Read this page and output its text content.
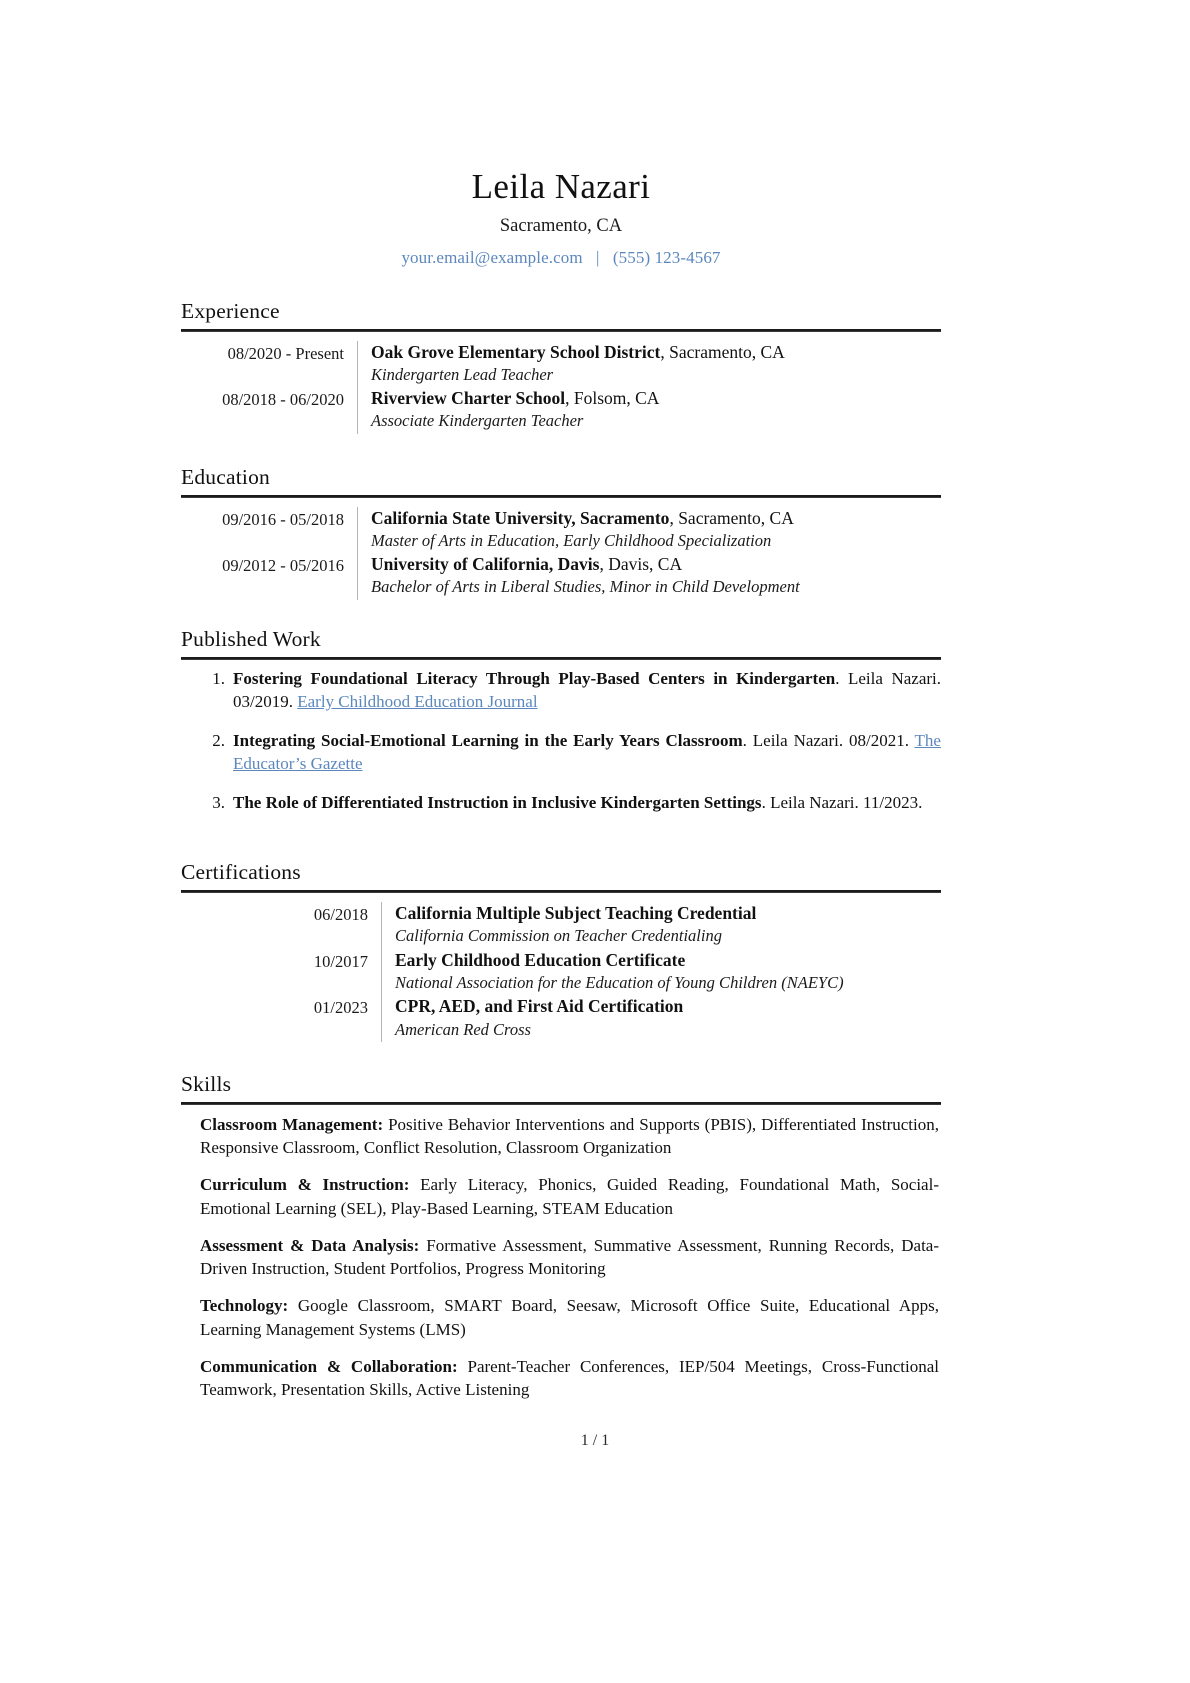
Leila Nazari
Sacramento, CA
your.email@example.com | (555) 123-4567
Experience
08/2020 - Present	Oak Grove Elementary School District, Sacramento, CA
Kindergarten Lead Teacher
08/2018 - 06/2020	Riverview Charter School, Folsom, CA
Associate Kindergarten Teacher
Education
09/2016 - 05/2018	California State University, Sacramento, Sacramento, CA
Master of Arts in Education, Early Childhood Specialization
09/2012 - 05/2016	University of California, Davis, Davis, CA
Bachelor of Arts in Liberal Studies, Minor in Child Development
Published Work
1. Fostering Foundational Literacy Through Play-Based Centers in Kindergarten. Leila Nazari. 03/2019. Early Childhood Education Journal
2. Integrating Social-Emotional Learning in the Early Years Classroom. Leila Nazari. 08/2021. The Educator’s Gazette
3. The Role of Differentiated Instruction in Inclusive Kindergarten Settings. Leila Nazari. 11/2023.
Certifications
06/2018	California Multiple Subject Teaching Credential
California Commission on Teacher Credentialing
10/2017	Early Childhood Education Certificate
National Association for the Education of Young Children (NAEYC)
01/2023	CPR, AED, and First Aid Certification
American Red Cross
Skills
Classroom Management: Positive Behavior Interventions and Supports (PBIS), Differentiated Instruction, Responsive Classroom, Conflict Resolution, Classroom Organization
Curriculum & Instruction: Early Literacy, Phonics, Guided Reading, Foundational Math, Social-Emotional Learning (SEL), Play-Based Learning, STEAM Education
Assessment & Data Analysis: Formative Assessment, Summative Assessment, Running Records, Data-Driven Instruction, Student Portfolios, Progress Monitoring
Technology: Google Classroom, SMART Board, Seesaw, Microsoft Office Suite, Educational Apps, Learning Management Systems (LMS)
Communication & Collaboration: Parent-Teacher Conferences, IEP/504 Meetings, Cross-Functional Teamwork, Presentation Skills, Active Listening
1 / 1
